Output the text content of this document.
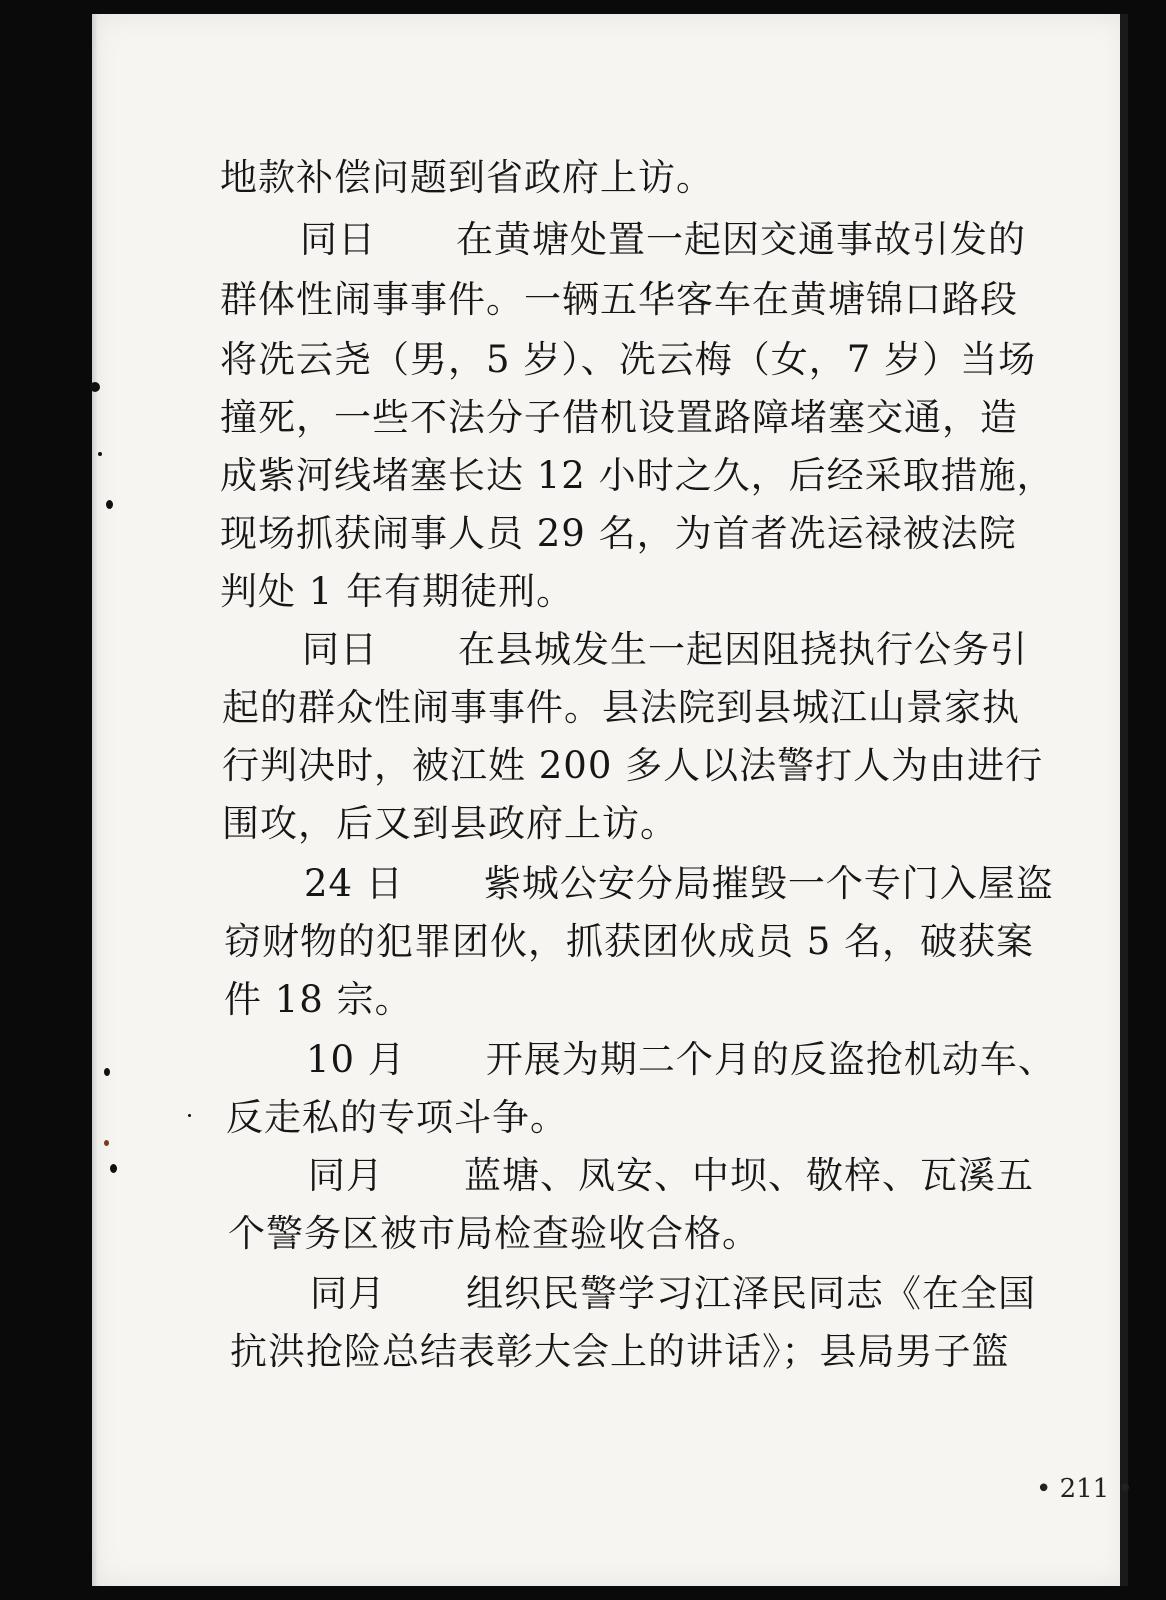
地款补偿问题到省政府上访。

同日 在黄塘处置一起因交通事故引发的

群体性闹事事件。一辆五华客车在黄塘锦口路段

将冼云尧（男，5 岁）、冼云梅（女，7 岁）当场

撞死，一些不法分子借机设置路障堵塞交通，造

成紫河线堵塞长达 12 小时之久，后经采取措施，

现场抓获闹事人员 29 名，为首者冼运禄被法院

判处 1 年有期徒刑。

同日 在县城发生一起因阻挠执行公务引

起的群众性闹事事件。县法院到县城江山景家执

行判决时，被江姓 200 多人以法警打人为由进行

围攻，后又到县政府上访。

24 日 紫城公安分局摧毁一个专门入屋盗

窃财物的犯罪团伙，抓获团伙成员 5 名，破获案

件 18 宗。

10 月 开展为期二个月的反盗抢机动车、

反走私的专项斗争。

同月 蓝塘、凤安、中坝、敬梓、瓦溪五

个警务区被市局检查验收合格。

同月 组织民警学习江泽民同志《在全国

抗洪抢险总结表彰大会上的讲话》；县局男子篮

• 211 •
